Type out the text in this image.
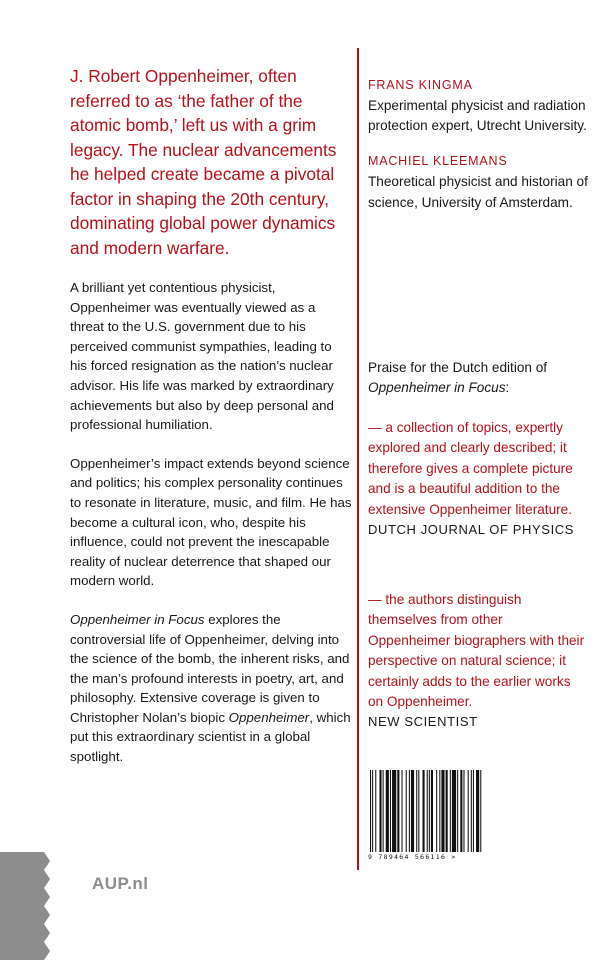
J. Robert Oppenheimer, often referred to as ‘the father of the atomic bomb,’ left us with a grim legacy. The nuclear advancements he helped create became a pivotal factor in shaping the 20th century, dominating global power dynamics and modern warfare.

A brilliant yet contentious physicist, Oppenheimer was eventually viewed as a threat to the U.S. government due to his perceived communist sympathies, leading to his forced resignation as the nation’s nuclear advisor. His life was marked by extraordinary achievements but also by deep personal and professional humiliation.

Oppenheimer’s impact extends beyond science and politics; his complex personality continues to resonate in literature, music, and film. He has become a cultural icon, who, despite his influence, could not prevent the inescapable reality of nuclear deterrence that shaped our modern world.

Oppenheimer in Focus explores the controversial life of Oppenheimer, delving into the science of the bomb, the inherent risks, and the man’s profound interests in poetry, art, and philosophy. Extensive coverage is given to Christopher Nolan’s biopic Oppenheimer, which put this extraordinary scientist in a global spotlight.

FRANS KINGMA
Experimental physicist and radiation protection expert, Utrecht University.
MACHIEL KLEEMANS
Theoretical physicist and historian of science, University of Amsterdam.
Praise for the Dutch edition of Oppenheimer in Focus:
— a collection of topics, expertly explored and clearly described; it therefore gives a complete picture and is a beautiful addition to the extensive Oppenheimer literature.
DUTCH JOURNAL OF PHYSICS
— the authors distinguish themselves from other Oppenheimer biographers with their perspective on natural science; it certainly adds to the earlier works on Oppenheimer.
NEW SCIENTIST
9 789464 566116 >
AUP.nl
